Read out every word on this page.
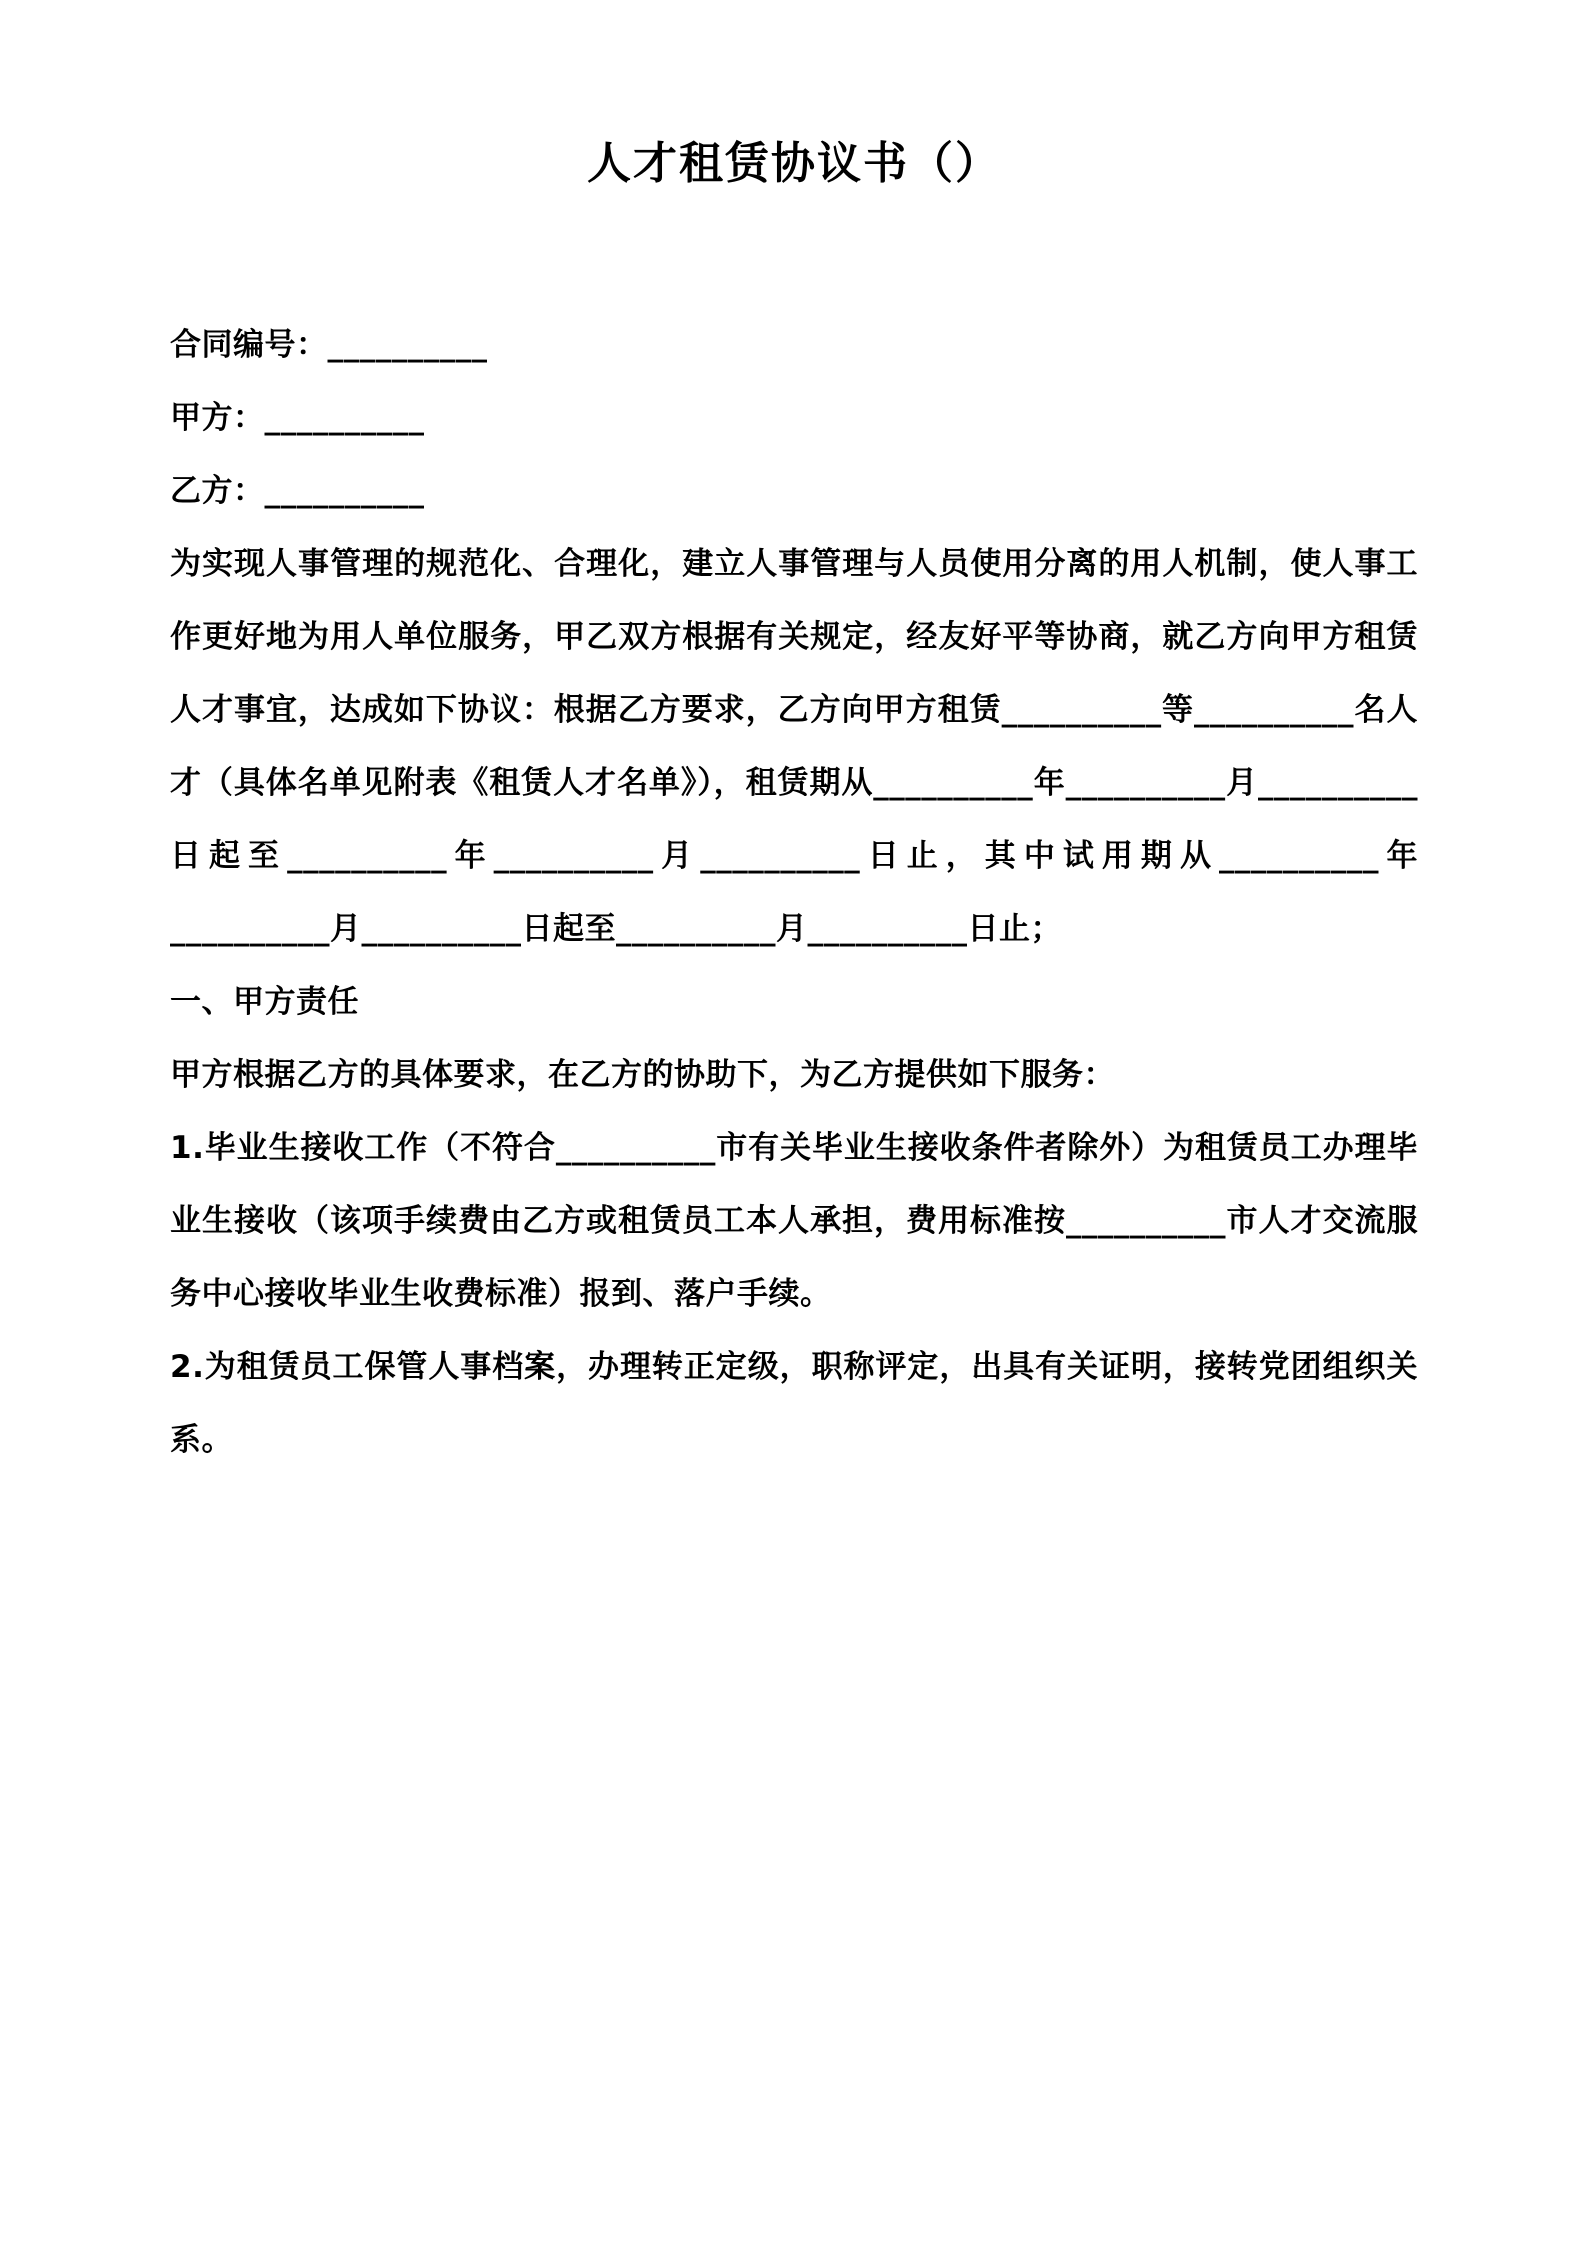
人才租赁协议书（）

合同编号：__________

甲方：__________

乙方：__________

为实现人事管理的规范化、合理化，建立人事管理与人员使用分离的用人机制，使人事工作更好地为用人单位服务，甲乙双方根据有关规定，经友好平等协商，就乙方向甲方租赁人才事宜，达成如下协议：根据乙方要求，乙方向甲方租赁__________等__________名人才（具体名单见附表《租赁人才名单》），租赁期从__________年__________月__________日起至__________年__________月__________日止，其中试用期从__________年__________月__________日起至__________月__________日止；

一、甲方责任

甲方根据乙方的具体要求，在乙方的协助下，为乙方提供如下服务：

1.毕业生接收工作（不符合__________市有关毕业生接收条件者除外）为租赁员工办理毕业生接收（该项手续费由乙方或租赁员工本人承担，费用标准按__________市人才交流服务中心接收毕业生收费标准）报到、落户手续。

2.为租赁员工保管人事档案，办理转正定级，职称评定，出具有关证明，接转党团组织关系。
